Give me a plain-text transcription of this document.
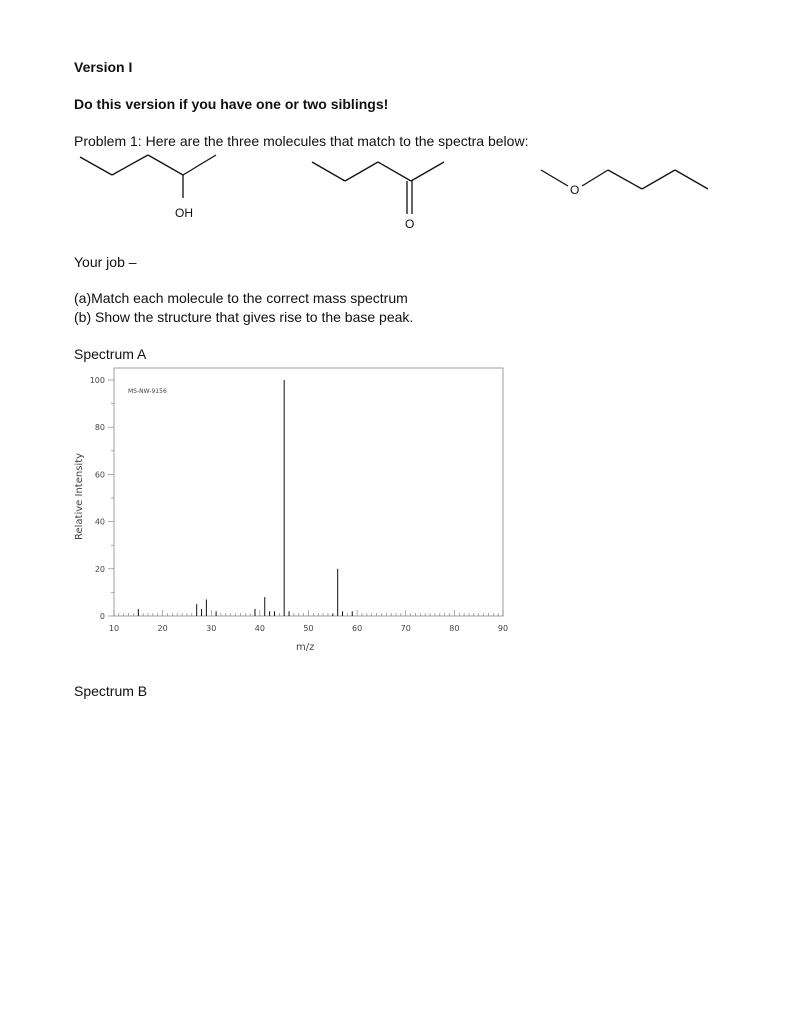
Version I
Do this version if you have one or two siblings!
Problem 1: Here are the three molecules that match to the spectra below:
OH
O
O
Your job –
(a)Match each molecule to the correct mass spectrum
(b) Show the structure that gives rise to the base peak.
Spectrum A
MS-NW-9156
m/z
Relative Intensity
10	20	30	40	50	60	70	80	90
0
20
40
60
80
100
Spectrum B
